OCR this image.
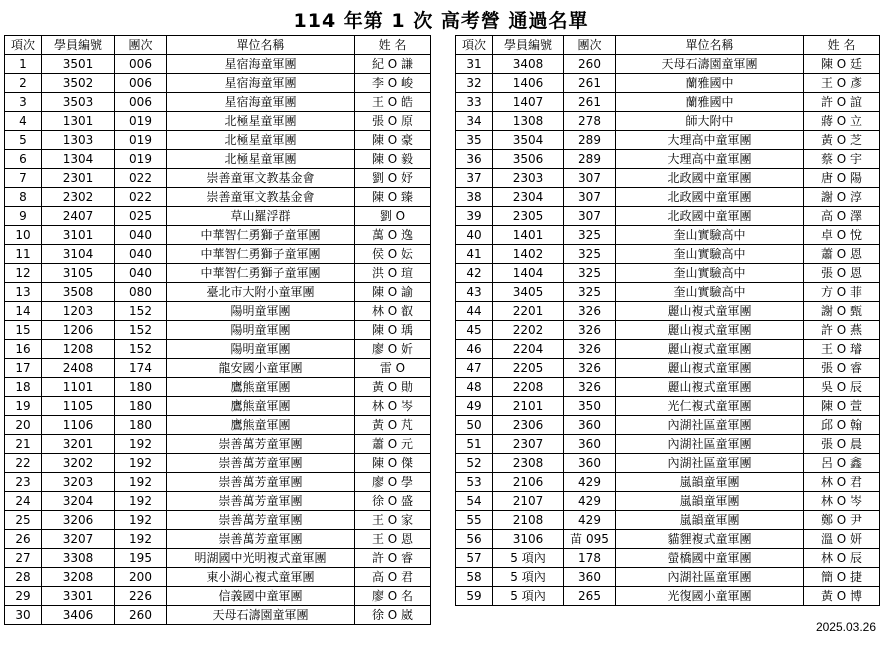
114 年第 1 次 高考營 通過名單
項次	學員編號	團次	單位名稱	姓 名
1	3501	006	星宿海童軍團	紀 O 謙
2	3502	006	星宿海童軍團	李 O 峻
3	3503	006	星宿海童軍團	王 O 皓
4	1301	019	北極星童軍團	張 O 原
5	1303	019	北極星童軍團	陳 O 豪
6	1304	019	北極星童軍團	陳 O 毅
7	2301	022	崇善童軍文教基金會	劉 O 妤
8	2302	022	崇善童軍文教基金會	陳 O 臻
9	2407	025	草山羅浮群	劉 O
10	3101	040	中華智仁勇獅子童軍團	萬 O 逸
11	3104	040	中華智仁勇獅子童軍團	侯 O 妘
12	3105	040	中華智仁勇獅子童軍團	洪 O 瑄
13	3508	080	臺北市大附小童軍團	陳 O 諭
14	1203	152	陽明童軍團	林 O 叡
15	1206	152	陽明童軍團	陳 O 瑀
16	1208	152	陽明童軍團	廖 O 妡
17	2408	174	龍安國小童軍團	雷 O
18	1101	180	鷹熊童軍團	黃 O 勛
19	1105	180	鷹熊童軍團	林 O 岑
20	1106	180	鷹熊童軍團	黃 O 芃
21	3201	192	崇善萬芳童軍團	蕭 O 元
22	3202	192	崇善萬芳童軍團	陳 O 傑
23	3203	192	崇善萬芳童軍團	廖 O 學
24	3204	192	崇善萬芳童軍團	徐 O 盛
25	3206	192	崇善萬芳童軍團	王 O 家
26	3207	192	崇善萬芳童軍團	王 O 恩
27	3308	195	明湖國中光明複式童軍團	許 O 睿
28	3208	200	東小湖心複式童軍團	高 O 君
29	3301	226	信義國中童軍團	廖 O 名
30	3406	260	天母石濤園童軍團	徐 O 崴
項次	學員編號	團次	單位名稱	姓 名
31	3408	260	天母石濤園童軍團	陳 O 廷
32	1406	261	蘭雅國中	王 O 彥
33	1407	261	蘭雅國中	許 O 誼
34	1308	278	師大附中	蔣 O 立
35	3504	289	大理高中童軍團	黃 O 芝
36	3506	289	大理高中童軍團	蔡 O 宇
37	2303	307	北政國中童軍團	唐 O 陽
38	2304	307	北政國中童軍團	謝 O 淳
39	2305	307	北政國中童軍團	高 O 澤
40	1401	325	奎山實驗高中	卓 O 悅
41	1402	325	奎山實驗高中	蕭 O 恩
42	1404	325	奎山實驗高中	張 O 恩
43	3405	325	奎山實驗高中	方 O 菲
44	2201	326	麗山複式童軍團	謝 O 甄
45	2202	326	麗山複式童軍團	許 O 燕
46	2204	326	麗山複式童軍團	王 O 璿
47	2205	326	麗山複式童軍團	張 O 睿
48	2208	326	麗山複式童軍團	吳 O 辰
49	2101	350	光仁複式童軍團	陳 O 萱
50	2306	360	內湖社區童軍團	邱 O 翰
51	2307	360	內湖社區童軍團	張 O 晨
52	2308	360	內湖社區童軍團	呂 O 鑫
53	2106	429	嵐韻童軍團	林 O 君
54	2107	429	嵐韻童軍團	林 O 岑
55	2108	429	嵐韻童軍團	鄭 O 尹
56	3106	苗 095	貓貍複式童軍團	溫 O 妍
57	5 項內	178	螢橋國中童軍團	林 O 辰
58	5 項內	360	內湖社區童軍團	簡 O 捷
59	5 項內	265	光復國小童軍團	黃 O 博
2025.03.26
